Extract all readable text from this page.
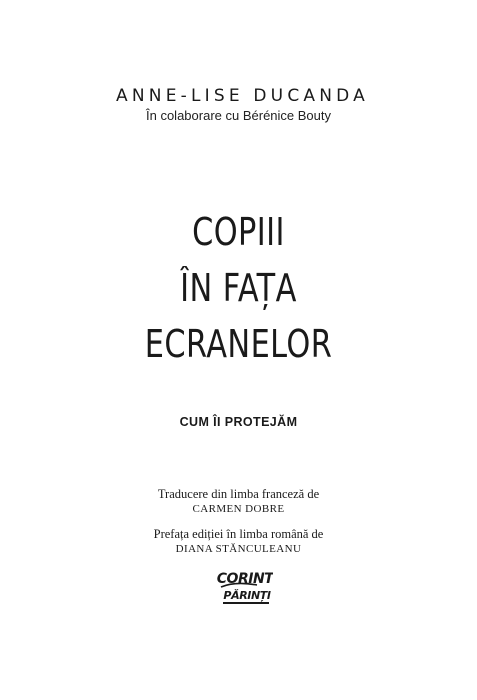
ANNE-LISE DUCANDA
În colaborare cu Bérénice Bouty
COPIII
ÎN FAȚA
ECRANELOR
CUM ÎI PROTEJĂM
Traducere din limba franceză de
CARMEN DOBRE
Prefața ediției în limba română de
DIANA STĂNCULEANU
CORINT
PĂRINȚI
